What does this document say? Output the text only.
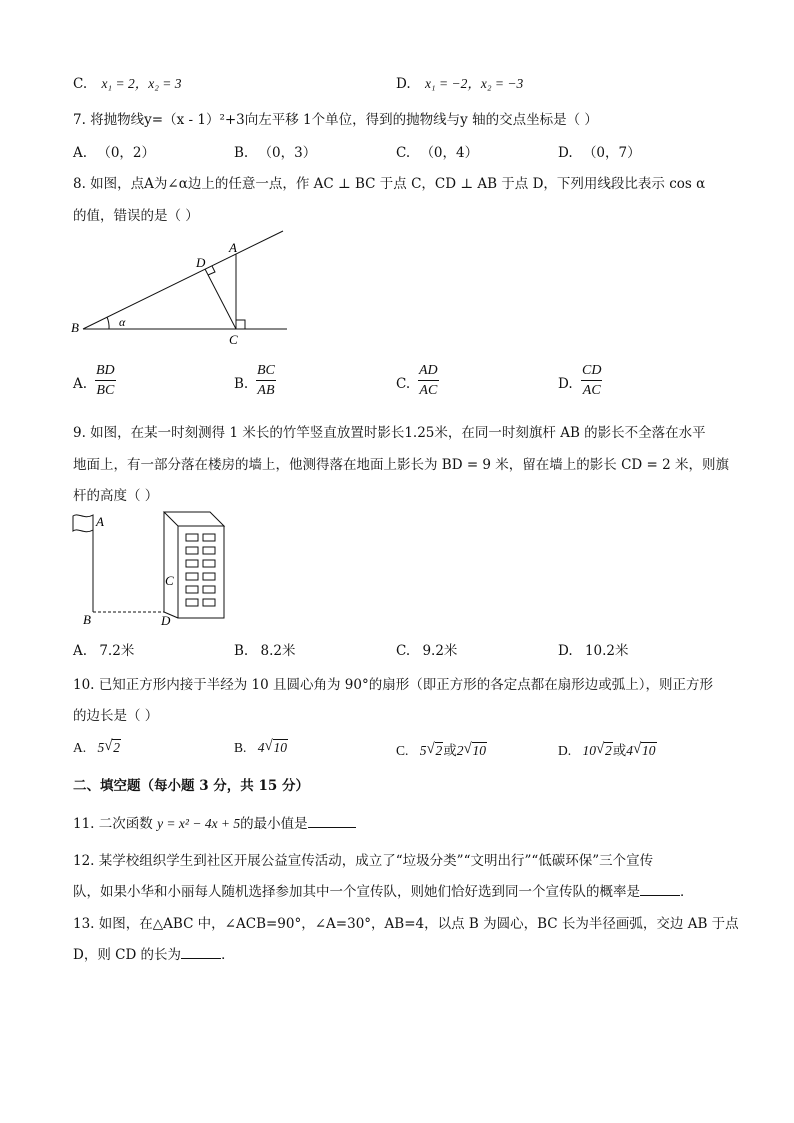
C. x₁ = 2，x₂ = 3	D. x₁ = −2，x₂ = −3
7. 将抛物线y=（x - 1）²+3向左平移 1个单位，得到的抛物线与y 轴的交点坐标是（ ）
A. （0，2）	B. （0，3）	C. （0，4）	D. （0，7）
8. 如图，点A为∠α边上的任意一点，作 AC ⊥ BC 于点 C，CD ⊥ AB 于点 D，下列用线段比表示 cos α
的值，错误的是（ ）
A
B
C
D
α
A. $\frac{BD}{BC}$	B. $\frac{BC}{AB}$	C. $\frac{AD}{AC}$	D. $\frac{CD}{AC}$
9. 如图，在某一时刻测得 1 米长的竹竿竖直放置时影长1.25米，在同一时刻旗杆 AB 的影长不全落在水平
地面上，有一部分落在楼房的墙上，他测得落在地面上影长为 BD = 9 米，留在墙上的影长 CD = 2 米，则旗
杆的高度（ ）
A
B
C
D
A. 7.2米	B. 8.2米	C. 9.2米	D. 10.2米
10. 已知正方形内接于半经为 10 且圆心角为 90°的扇形（即正方形的各定点都在扇形边或弧上），则正方形
的边长是（ ）
A. 5 √ 2	B. 4 √ 10	C. 5 √ 2或2 √ 10	D. 10 √ 2或4 √ 10
二、填空题（每小题 3 分，共 15 分）
11. 二次函数 y = x² − 4x + 5的最小值是
12. 某学校组织学生到社区开展公益宣传活动，成立了“垃圾分类”“文明出行”“低碳环保”三个宣传
队，如果小华和小丽每人随机选择参加其中一个宣传队，则她们恰好选到同一个宣传队的概率是	．
13. 如图，在△ABC 中，∠ACB=90°，∠A=30°，AB=4，以点 B 为圆心，BC 长为半径画弧，交边 AB 于点
D，则 CD 的长为	．
